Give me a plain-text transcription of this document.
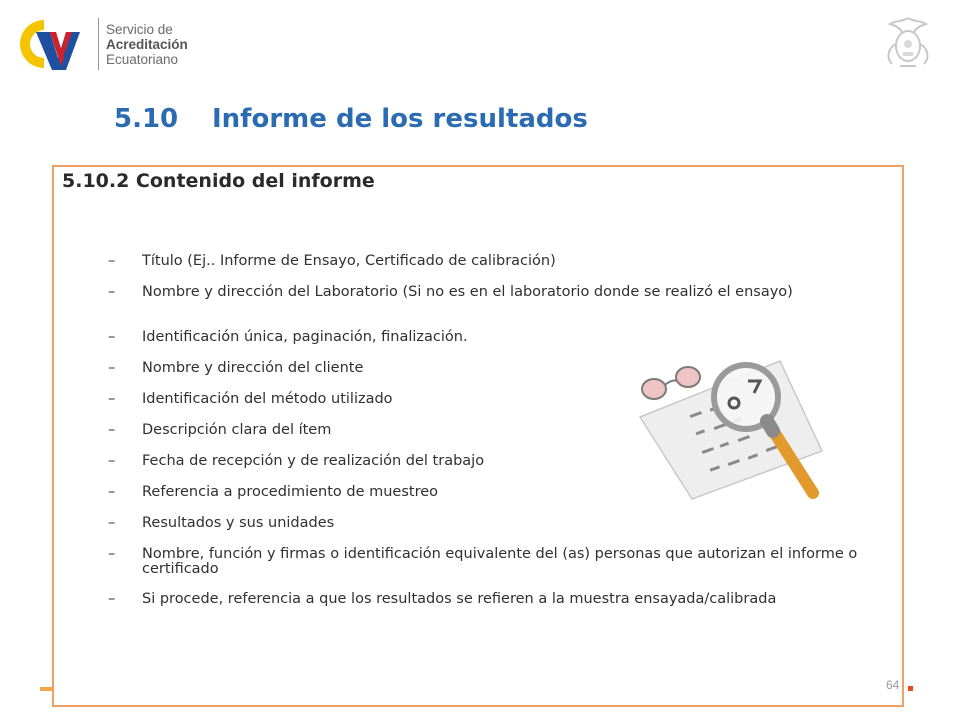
Servicio de
Acreditación
Ecuatoriano
5.10 Informe de los resultados
5.10.2 Contenido del informe
– Título (Ej.. Informe de Ensayo, Certificado de calibración)
– Nombre y dirección del Laboratorio (Si no es en el laboratorio donde se realizó el ensayo)
– Identificación única, paginación, finalización.
– Nombre y dirección del cliente
– Identificación del método utilizado
– Descripción clara del ítem
– Fecha de recepción y de realización del trabajo
– Referencia a procedimiento de muestreo
– Resultados y sus unidades
– Nombre, función y firmas o identificación equivalente del (as) personas que autorizan el informe o certificado
– Si procede, referencia a que los resultados se refieren a la muestra ensayada/calibrada
64
